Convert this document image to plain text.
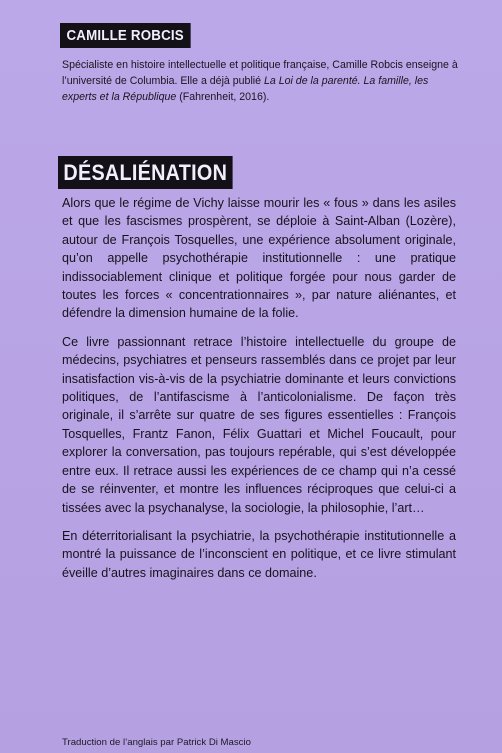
CAMILLE ROBCIS

Spécialiste en histoire intellectuelle et politique française, Camille Robcis enseigne à l’université de Columbia. Elle a déjà publié La Loi de la parenté. La famille, les experts et la République (Fahrenheit, 2016).

DÉSALIÉNATION

Alors que le régime de Vichy laisse mourir les « fous » dans les asiles et que les fascismes prospèrent, se déploie à Saint-Alban (Lozère), autour de François Tosquelles, une expérience absolument originale, qu’on appelle psychothérapie institutionnelle : une pratique indissociablement clinique et politique forgée pour nous garder de toutes les forces « concentrationnaires », par nature aliénantes, et défendre la dimension humaine de la folie.

Ce livre passionnant retrace l’histoire intellectuelle du groupe de médecins, psychiatres et penseurs rassemblés dans ce projet par leur insatisfaction vis-à-vis de la psychiatrie dominante et leurs convictions politiques, de l’antifascisme à l’anticolonialisme. De façon très originale, il s’arrête sur quatre de ses figures essentielles : François Tosquelles, Frantz Fanon, Félix Guattari et Michel Foucault, pour explorer la conversation, pas toujours repérable, qui s’est développée entre eux. Il retrace aussi les expériences de ce champ qui n’a cessé de se réinventer, et montre les influences réciproques que celui-ci a tissées avec la psychanalyse, la sociologie, la philosophie, l’art…

En déterritorialisant la psychiatrie, la psychothérapie institutionnelle a montré la puissance de l’inconscient en politique, et ce livre stimulant éveille d’autres imaginaires dans ce domaine.

Traduction de l’anglais par Patrick Di Mascio
